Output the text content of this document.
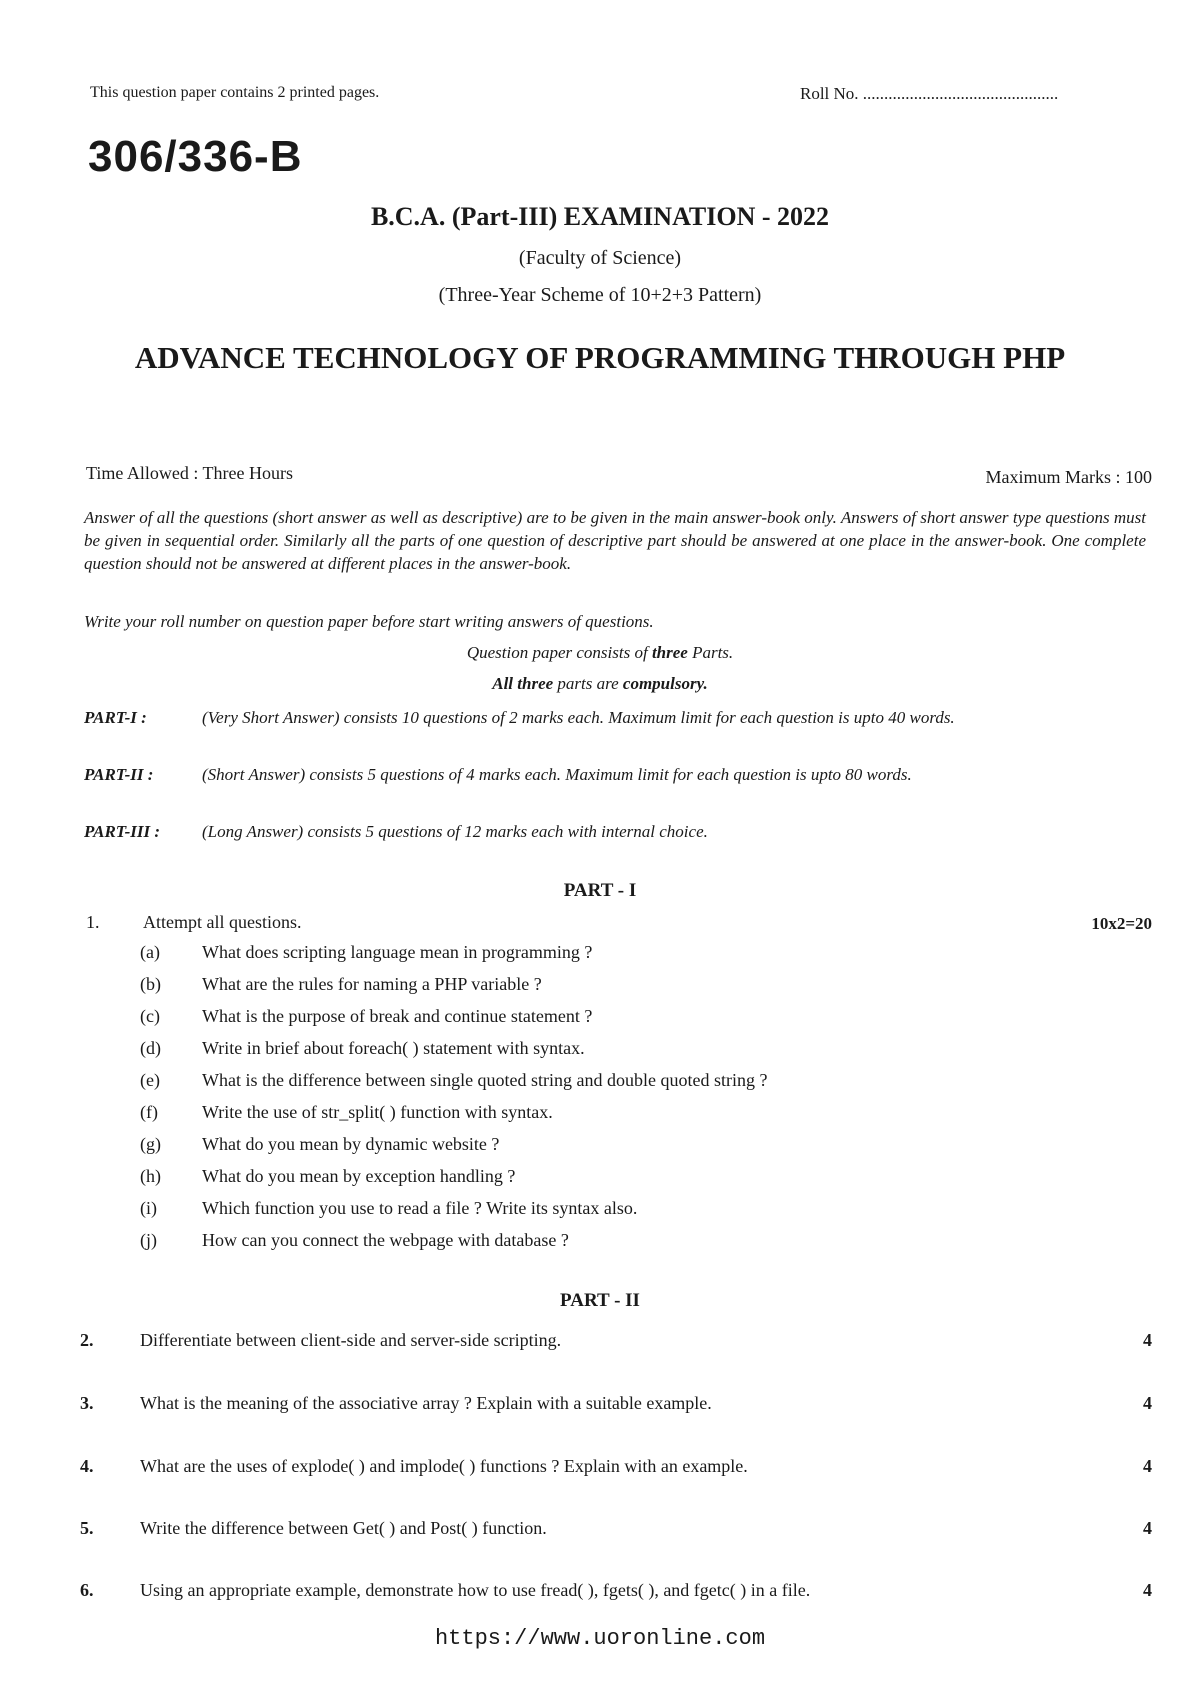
This question paper contains 2 printed pages.	Roll No. ..............................................
306/336-B
B.C.A. (Part-III) EXAMINATION - 2022
(Faculty of Science)
(Three-Year Scheme of 10+2+3 Pattern)
ADVANCE TECHNOLOGY OF PROGRAMMING THROUGH PHP
Time Allowed : Three Hours	Maximum Marks : 100
Answer of all the questions (short answer as well as descriptive) are to be given in the main answer-book only. Answers of short answer type questions must be given in sequential order. Similarly all the parts of one question of descriptive part should be answered at one place in the answer-book. One complete question should not be answered at different places in the answer-book.
Write your roll number on question paper before start writing answers of questions.
Question paper consists of three Parts.
All three parts are compulsory.
PART-I :	(Very Short Answer) consists 10 questions of 2 marks each. Maximum limit for each question is upto 40 words.
PART-II :	(Short Answer) consists 5 questions of 4 marks each. Maximum limit for each question is upto 80 words.
PART-III :	(Long Answer) consists 5 questions of 12 marks each with internal choice.
PART - I
1. Attempt all questions.	10x2=20
(a)	What does scripting language mean in programming ?
(b)	What are the rules for naming a PHP variable ?
(c)	What is the purpose of break and continue statement ?
(d)	Write in brief about foreach( ) statement with syntax.
(e)	What is the difference between single quoted string and double quoted string ?
(f)	Write the use of str_split( ) function with syntax.
(g)	What do you mean by dynamic website ?
(h)	What do you mean by exception handling ?
(i)	Which function you use to read a file ? Write its syntax also.
(j)	How can you connect the webpage with database ?
PART - II
2.	Differentiate between client-side and server-side scripting.	4
3.	What is the meaning of the associative array ? Explain with a suitable example.	4
4.	What are the uses of explode( ) and implode( ) functions ? Explain with an example.	4
5.	Write the difference between Get( ) and Post( ) function.	4
6.	Using an appropriate example, demonstrate how to use fread( ), fgets( ), and fgetc( ) in a file.	4
https://www.uoronline.com
